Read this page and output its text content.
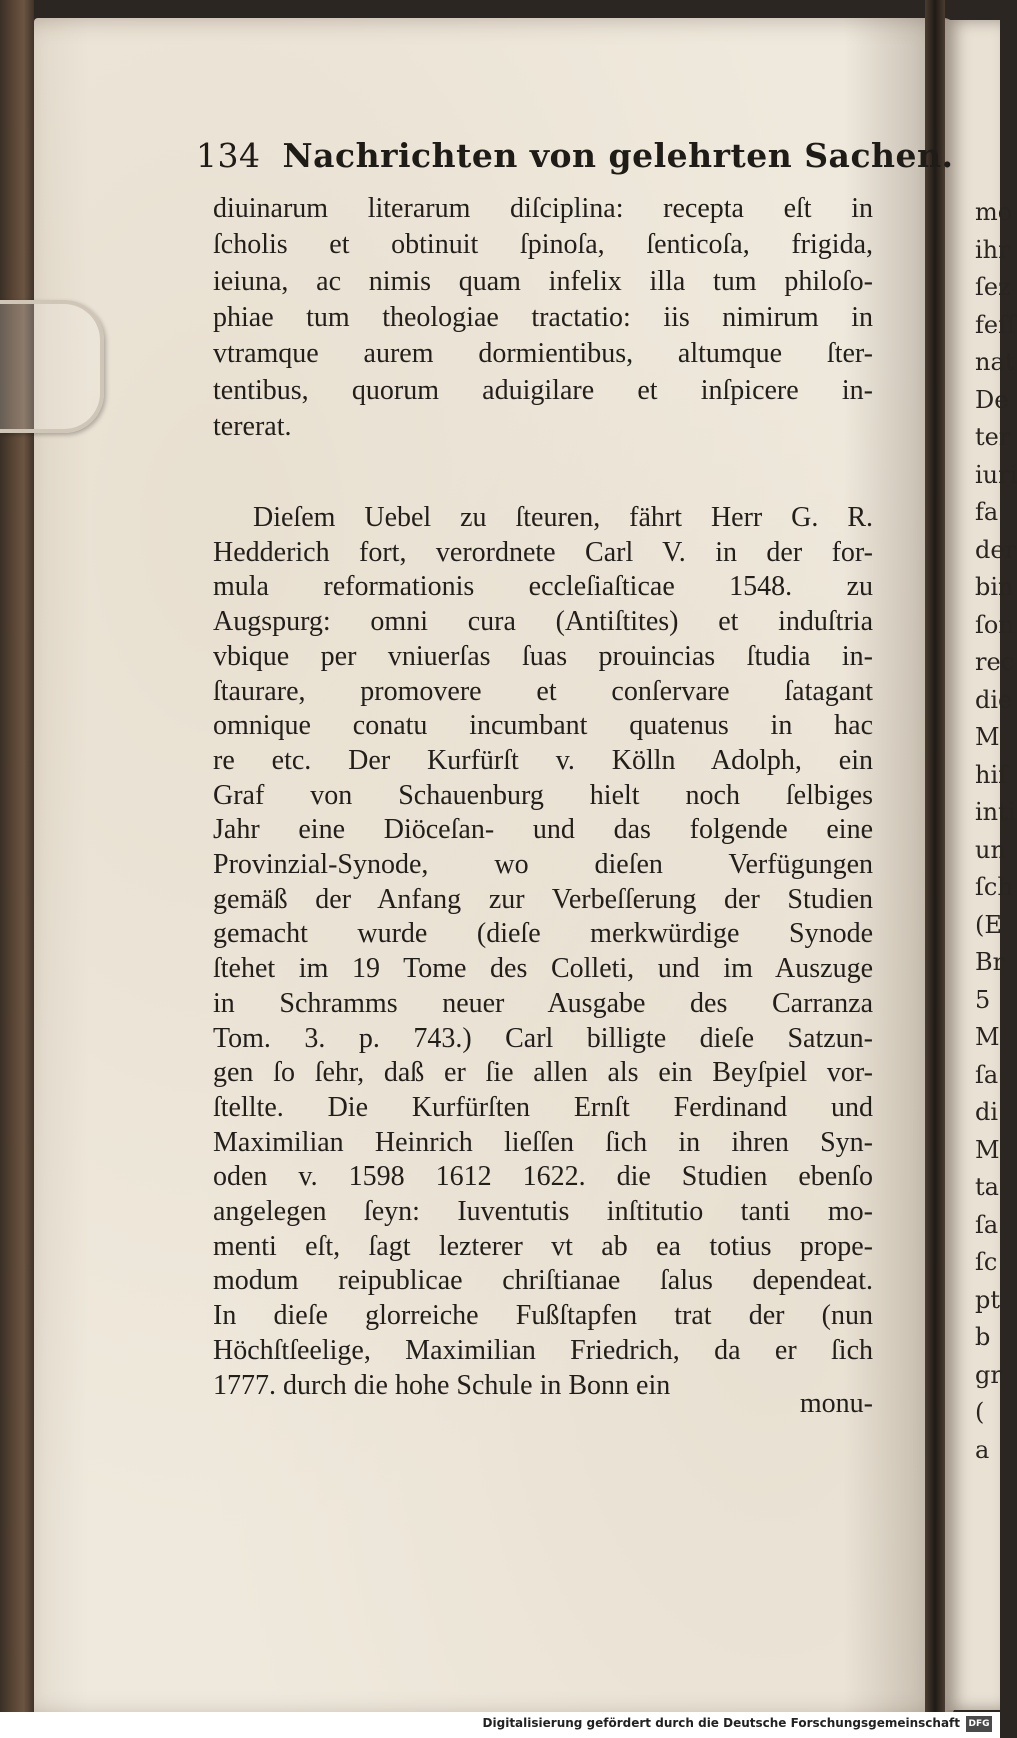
mo
ihr
ſez
feſſ
nat
De
ter
iuri
fa
der
bin
ſon
rec
die
M
hiſ
inti
un
ſch
(E
Br
5
M
ſa
di
M
ta
ſa
ſc
pt
b
gr
(
a
134 Nachrichten von gelehrten Sachen.
diuinarum literarum diſciplina: recepta eſt in
ſcholis et obtinuit ſpinoſa, ſenticoſa, frigida,
ieiuna, ac nimis quam infelix illa tum philoſo-
phiae tum theologiae tractatio: iis nimirum in
vtramque aurem dormientibus, altumque ſter-
tentibus, quorum aduigilare et inſpicere in-
tererat.
Dieſem Uebel zu ſteuren, fährt Herr G. R.
Hedderich fort, verordnete Carl V. in der for-
mula reformationis eccleſiaſticae 1548. zu
Augspurg: omni cura (Antiſtites) et induſtria
vbique per vniuerſas ſuas prouincias ſtudia in-
ſtaurare, promovere et conſervare ſatagant
omnique conatu incumbant quatenus in hac
re etc. Der Kurfürſt v. Kölln Adolph, ein
Graf von Schauenburg hielt noch ſelbiges
Jahr eine Diöceſan- und das folgende eine
Provinzial-Synode, wo dieſen Verfügungen
gemäß der Anfang zur Verbeſſerung der Studien
gemacht wurde (dieſe merkwürdige Synode
ſtehet im 19 Tome des Colleti, und im Auszuge
in Schramms neuer Ausgabe des Carranza
Tom. 3. p. 743.) Carl billigte dieſe Satzun-
gen ſo ſehr, daß er ſie allen als ein Beyſpiel vor-
ſtellte. Die Kurfürſten Ernſt Ferdinand und
Maximilian Heinrich lieſſen ſich in ihren Syn-
oden v. 1598 1612 1622. die Studien ebenſo
angelegen ſeyn: Iuventutis inſtitutio tanti mo-
menti eſt, ſagt lezterer vt ab ea totius prope-
modum reipublicae chriſtianae ſalus dependeat.
In dieſe glorreiche Fußſtapfen trat der (nun
Höchſtſeelige, Maximilian Friedrich, da er ſich
1777. durch die hohe Schule in Bonn ein
monu-
Digitalisierung gefördert durch die Deutsche Forschungsgemeinschaft DFG
